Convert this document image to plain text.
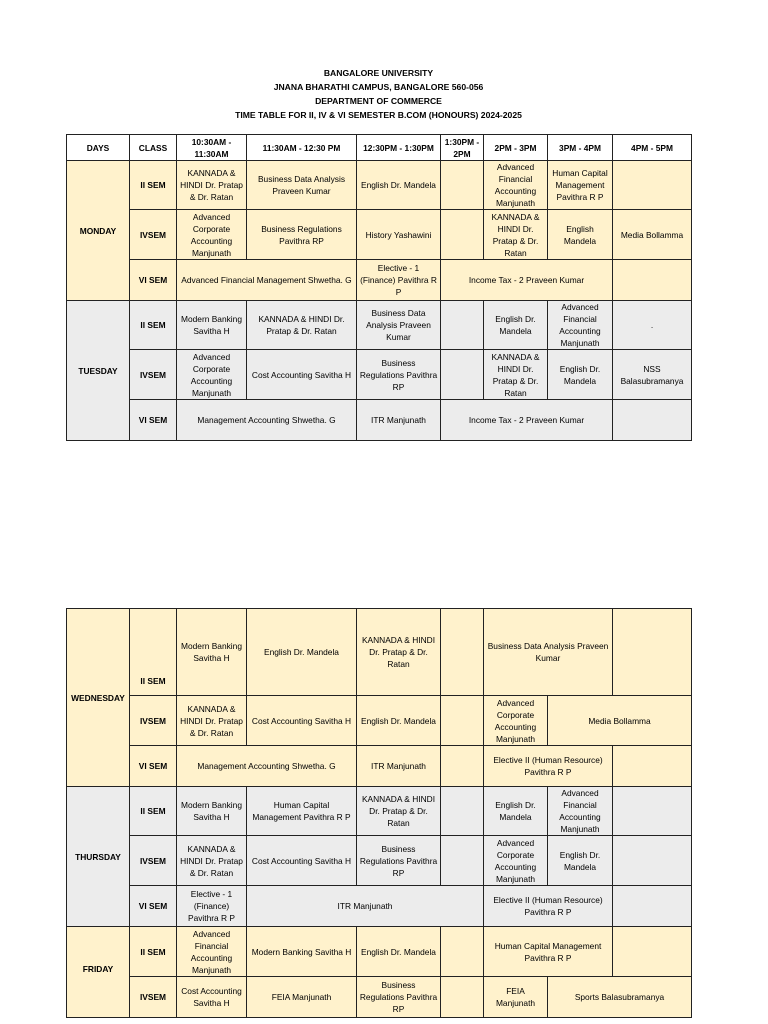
BANGALORE UNIVERSITY
JNANA BHARATHI CAMPUS, BANGALORE 560-056
DEPARTMENT OF COMMERCE
TIME TABLE FOR II, IV & VI SEMESTER B.COM (HONOURS) 2024-2025
DAYS	CLASS	10:30AM - 11:30AM	11:30AM - 12:30 PM	12:30PM - 1:30PM	1:30PM - 2PM	2PM - 3PM	3PM - 4PM	4PM - 5PM
MONDAY	II SEM	KANNADA & HINDI Dr. Pratap & Dr. Ratan	Business Data Analysis Praveen Kumar	English Dr. Mandela		Advanced Financial Accounting Manjunath	Human Capital Management Pavithra R P	
	IVSEM	Advanced Corporate Accounting Manjunath	Business Regulations Pavithra RP	History Yashawini		KANNADA & HINDI Dr. Pratap & Dr. Ratan	English Mandela	Media Bollamma
	VI SEM	Advanced Financial Management Shwetha. G		Elective - 1 (Finance) Pavithra R P	Income Tax - 2 Praveen Kumar			
TUESDAY	II SEM	Modern Banking Savitha H	KANNADA & HINDI Dr. Pratap & Dr. Ratan	Business Data Analysis Praveen Kumar		English Dr. Mandela	Advanced Financial Accounting Manjunath	.
	IVSEM	Advanced Corporate Accounting Manjunath	Cost Accounting Savitha H	Business Regulations Pavithra RP		KANNADA & HINDI Dr. Pratap & Dr. Ratan	English Dr. Mandela	NSS Balasubramanya
	VI SEM	Management Accounting Shwetha. G		ITR Manjunath	Income Tax - 2 Praveen Kumar			
WEDNESDAY	II SEM	Modern Banking Savitha H	English Dr. Mandela	KANNADA & HINDI Dr. Pratap & Dr. Ratan		Business Data Analysis Praveen Kumar		
	IVSEM	KANNADA & HINDI Dr. Pratap & Dr. Ratan	Cost Accounting Savitha H	English Dr. Mandela		Advanced Corporate Accounting Manjunath	Media Bollamma	
	VI SEM	Management Accounting Shwetha. G		ITR Manjunath		Elective II (Human Resource) Pavithra R P		
THURSDAY	II SEM	Modern Banking Savitha H	Human Capital Management Pavithra R P	KANNADA & HINDI Dr. Pratap & Dr. Ratan		English Dr. Mandela	Advanced Financial Accounting Manjunath	
	IVSEM	KANNADA & HINDI Dr. Pratap & Dr. Ratan	Cost Accounting Savitha H	Business Regulations Pavithra RP		Advanced Corporate Accounting Manjunath	English Dr. Mandela	
	VI SEM	Elective - 1 (Finance) Pavithra R P	ITR Manjunath			Elective II (Human Resource) Pavithra R P		
FRIDAY	II SEM	Advanced Financial Accounting Manjunath	Modern Banking Savitha H	English Dr. Mandela		Human Capital Management Pavithra R P		
	IVSEM	Cost Accounting Savitha H	FEIA Manjunath	Business Regulations Pavithra RP		FEIA Manjunath	Sports Balasubramanya	
